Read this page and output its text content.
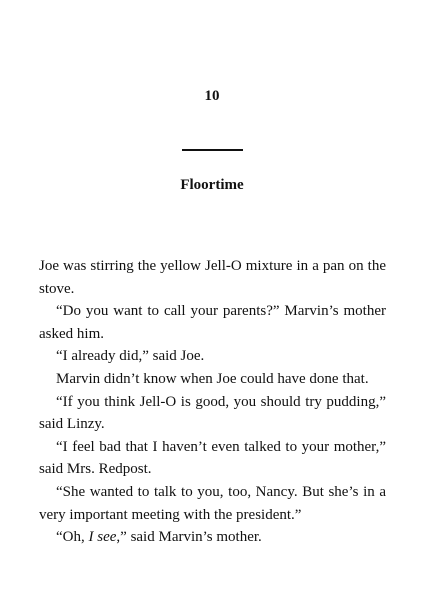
10
Floortime

Joe was stirring the yellow Jell-O mixture in a pan on the stove.

“Do you want to call your parents?” Marvin’s mother asked him.

“I already did,” said Joe.

Marvin didn’t know when Joe could have done that.

“If you think Jell-O is good, you should try pudding,” said Linzy.

“I feel bad that I haven’t even talked to your mother,” said Mrs. Redpost.

“She wanted to talk to you, too, Nancy. But she’s in a very important meeting with the president.”

“Oh, I see,” said Marvin’s mother.
